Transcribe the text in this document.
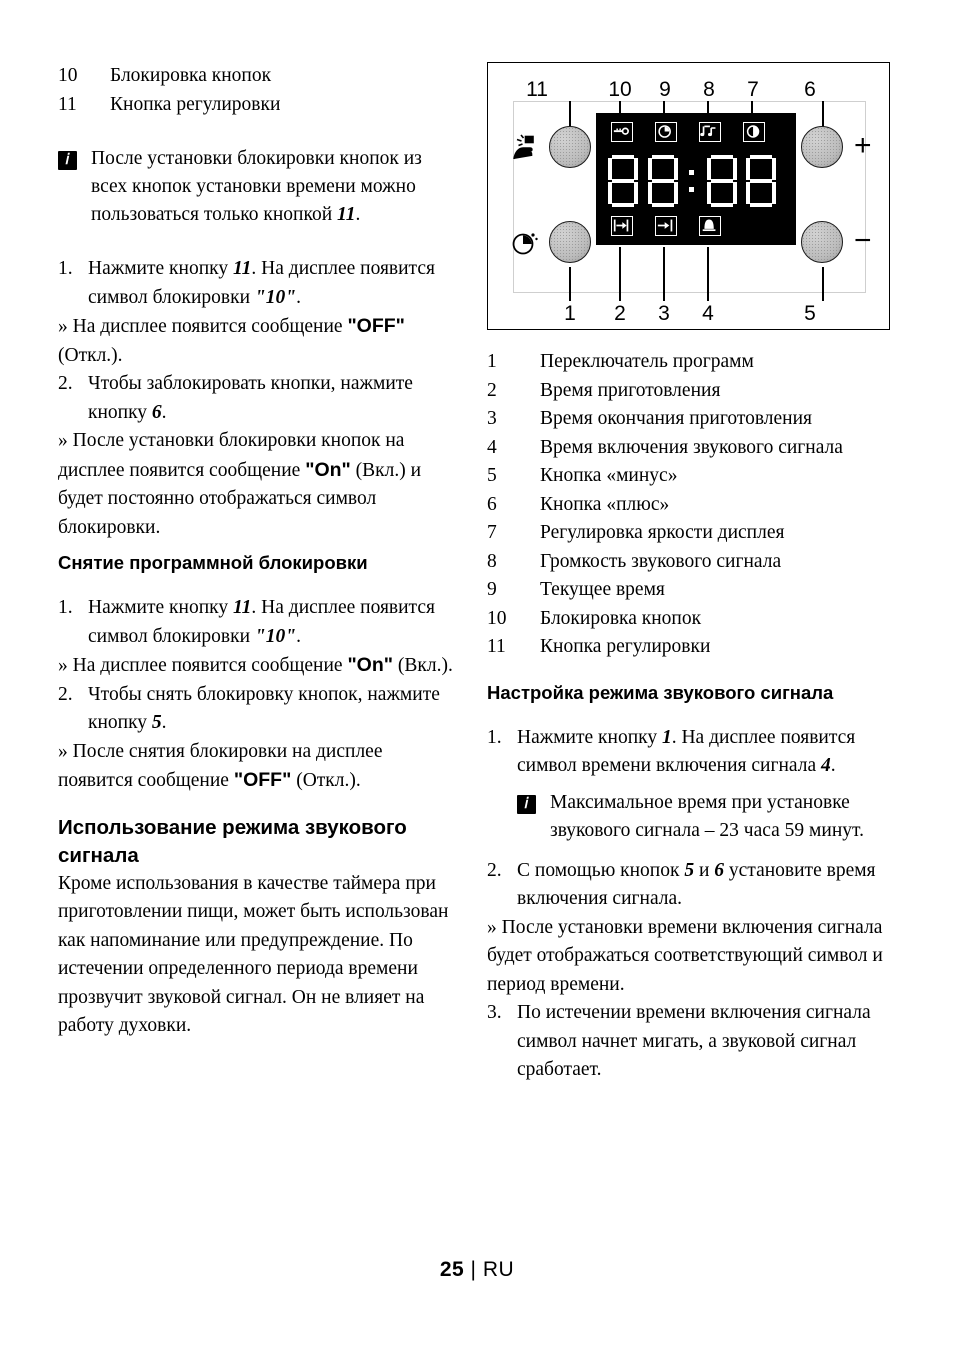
10	Блокировка кнопок
11	Кнопка регулировки
𝑖
После установки блокировки кнопок из всех кнопок установки времени можно пользоваться только кнопкой 11.
1. Нажмите кнопку 11. На дисплее появится символ блокировки "10".
» На дисплее появится сообщение "OFF" (Откл.).
2. Чтобы заблокировать кнопки, нажмите кнопку 6.
» После установки блокировки кнопок на дисплее появится сообщение "On" (Вкл.) и будет постоянно отображаться символ блокировки.
Снятие программной блокировки
1. Нажмите кнопку 11. На дисплее появится символ блокировки "10".
» На дисплее появится сообщение "On" (Вкл.).
2. Чтобы снять блокировку кнопок, нажмите кнопку 5.
» После снятия блокировки на дисплее появится сообщение "OFF" (Откл.).
Использование режима звукового сигнала
Кроме использования в качестве таймера при приготовлении пищи, может быть использован как напоминание или предупреждение. По истечении определенного периода времени прозвучит звуковой сигнал. Он не влияет на работу духовки.
11	10	9	8	7	6
1	2	3	4	5
+
−
1	Переключатель программ
2	Время приготовления
3	Время окончания приготовления
4	Время включения звукового сигнала
5	Кнопка «минус»
6	Кнопка «плюс»
7	Регулировка яркости дисплея
8	Громкость звукового сигнала
9	Текущее время
10	Блокировка кнопок
11	Кнопка регулировки
Настройка режима звукового сигнала
1. Нажмите кнопку 1. На дисплее появится символ времени включения сигнала 4.
𝑖
Максимальное время при установке звукового сигнала – 23 часа 59 минут.
2. С помощью кнопок 5 и 6 установите время включения сигнала.
» После установки времени включения сигнала будет отображаться соответствующий символ и период времени.
3. По истечении времени включения сигнала символ начнет мигать, а звуковой сигнал сработает.
25 | RU
